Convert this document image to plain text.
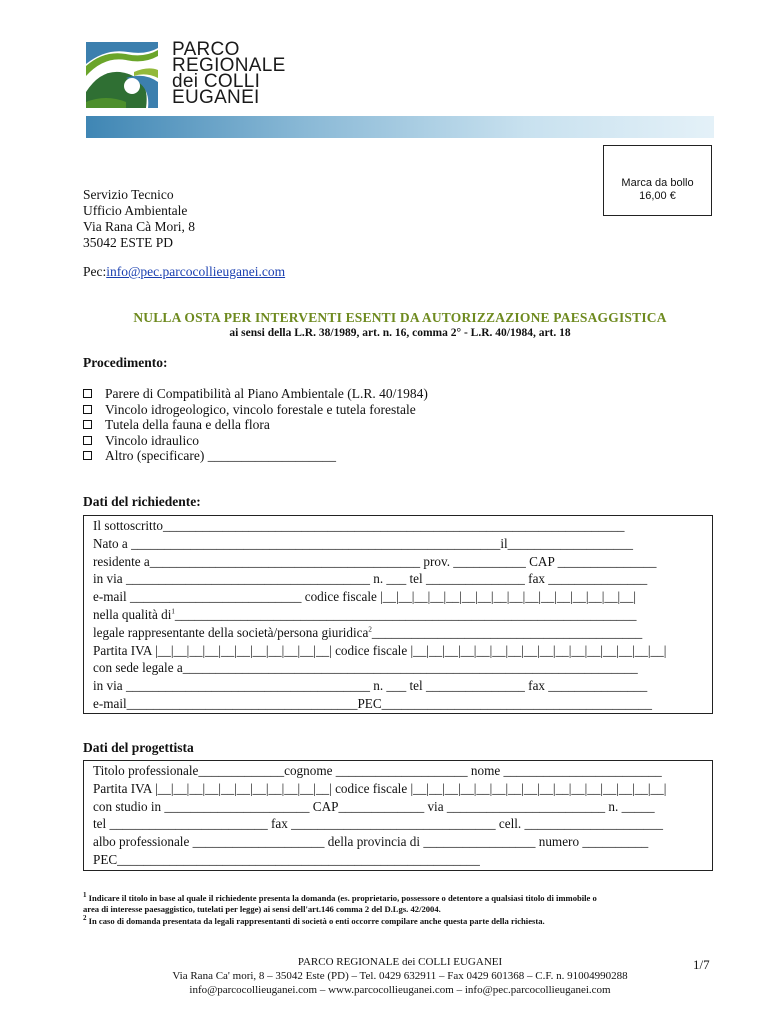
PARCO
REGIONALE
dei COLLI
EUGANEI
Marca da bollo
16,00 €
Servizio Tecnico
Ufficio Ambientale
Via Rana Cà Mori, 8
35042 ESTE PD
Pec:info@pec.parcocollieuganei.com
NULLA OSTA PER INTERVENTI ESENTI DA AUTORIZZAZIONE PAESAGGISTICA
ai sensi della L.R. 38/1989, art. n. 16, comma 2° - L.R. 40/1984, art. 18
Procedimento:
Parere di Compatibilità al Piano Ambientale (L.R. 40/1984)
Vincolo idrogeologico, vincolo forestale e tutela forestale
Tutela della fauna e della flora
Vincolo idraulico
Altro (specificare) ___________________
Dati del richiedente:
Il sottoscritto______________________________________________________________________
Nato a ________________________________________________________il___________________
residente a_________________________________________ prov. ___________ CAP _______________
in via _____________________________________ n. ___ tel _______________ fax _______________
e-mail __________________________ codice fiscale |__|__|__|__|__|__|__|__|__|__|__|__|__|__|__|__|
nella qualità $di^1\_\_\_\_\_\_\_\_\_\_\_\_\_\_\_\_\_\_\_\_\_\_\_\_\_\_\_\_\_\_\_\_\_\_\_\_\_\_\_\_\_\_\_\_\_\_\_\_\_\_\_\_\_\_\_\_\_\_\_\_\_\_\_\_\_\_\_\_\_\_$
legale rappresentante della società/persona giuridica$^2$_________________________________________
Partita IVA |__|__|__|__|__|__|__|__|__|__|__| codice fiscale |__|__|__|__|__|__|__|__|__|__|__|__|__|__|__|__|
con sede legale a_____________________________________________________________________
in via _____________________________________ n. ___ tel _______________ fax _______________
e-mail___________________________________PEC_________________________________________
Dati del progettista
Titolo professionale_____________cognome ____________________ nome ________________________
Partita IVA |__|__|__|__|__|__|__|__|__|__|__| codice fiscale |__|__|__|__|__|__|__|__|__|__|__|__|__|__|__|__|
con studio in ______________________ CAP_____________ via ________________________ n. _____
tel ________________________ fax _______________________________ cell. _____________________
albo professionale ____________________ della provincia di _________________ numero __________
PEC_______________________________________________________
$^1$ Indicare il titolo in base al quale il richiedente presenta la domanda (es. proprietario, possessore o detentore a qualsiasi titolo di immobile o
area di interesse paesaggistico, tutelati per legge) ai sensi dell'art.146 comma 2 del D.Lgs. 42/2004.
$^2$ In caso di domanda presentata da legali rappresentanti di società o enti occorre compilare anche questa parte della richiesta.
PARCO REGIONALE dei COLLI EUGANEI
Via Rana Ca' mori, 8 – 35042 Este (PD) – Tel. 0429 632911 – Fax 0429 601368 – C.F. n. 91004990288
info@parcocollieuganei.com – www.parcocollieuganei.com – info@pec.parcocollieuganei.com
1/7
